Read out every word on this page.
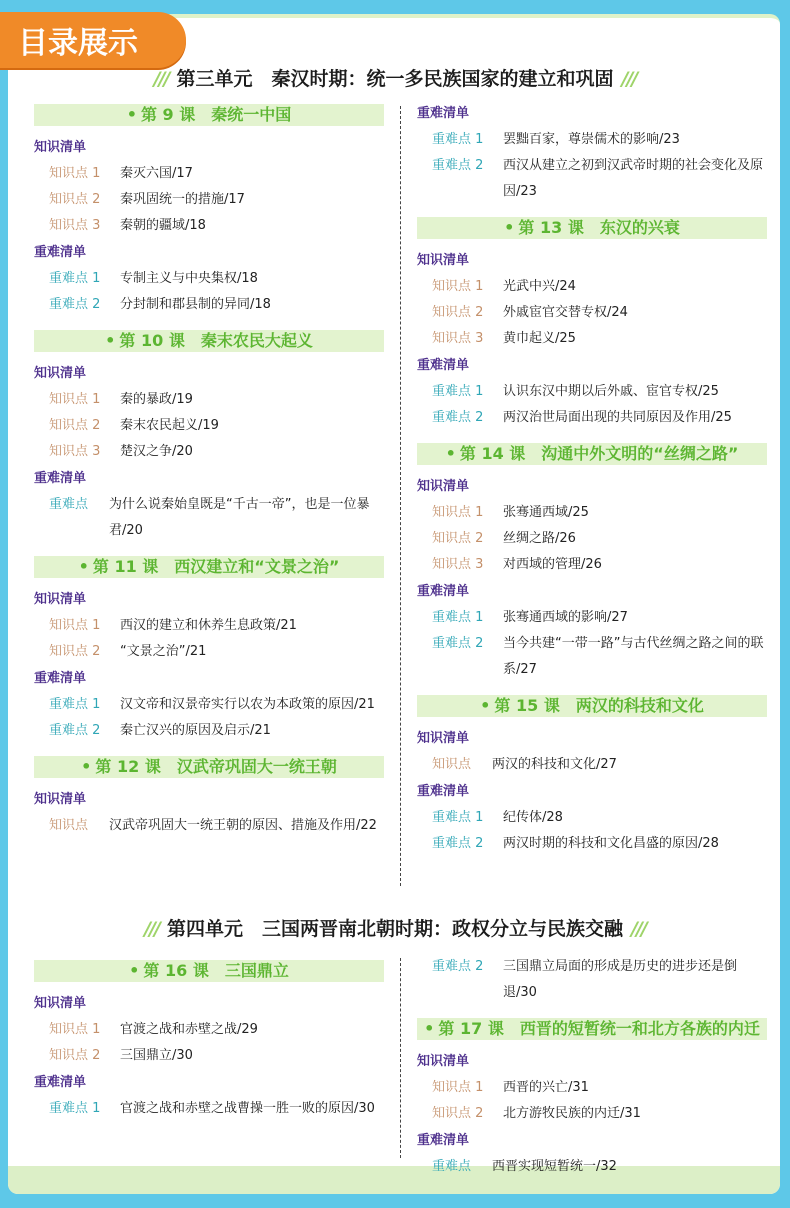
目录展示	❯❯❯	•••••
/// 第三单元　秦汉时期：统一多民族国家的建立和巩固 ///
• 第 9 课　秦统一中国
知识清单
知识点 1	秦灭六国/17
知识点 2	秦巩固统一的措施/17
知识点 3	秦朝的疆域/18
重难清单
重难点 1	专制主义与中央集权/18
重难点 2	分封制和郡县制的异同/18
• 第 10 课　秦末农民大起义
知识清单
知识点 1	秦的暴政/19
知识点 2	秦末农民起义/19
知识点 3	楚汉之争/20
重难清单
重难点	为什么说秦始皇既是“千古一帝”，也是一位暴君/20
• 第 11 课　西汉建立和“文景之治”
知识清单
知识点 1	西汉的建立和休养生息政策/21
知识点 2	“文景之治”/21
重难清单
重难点 1	汉文帝和汉景帝实行以农为本政策的原因/21
重难点 2	秦亡汉兴的原因及启示/21
• 第 12 课　汉武帝巩固大一统王朝
知识清单
知识点	汉武帝巩固大一统王朝的原因、措施及作用/22
重难清单
重难点 1	罢黜百家，尊崇儒术的影响/23
重难点 2	西汉从建立之初到汉武帝时期的社会变化及原因/23
• 第 13 课　东汉的兴衰
知识清单
知识点 1	光武中兴/24
知识点 2	外戚宦官交替专权/24
知识点 3	黄巾起义/25
重难清单
重难点 1	认识东汉中期以后外戚、宦官专权/25
重难点 2	两汉治世局面出现的共同原因及作用/25
• 第 14 课　沟通中外文明的“丝绸之路”
知识清单
知识点 1	张骞通西域/25
知识点 2	丝绸之路/26
知识点 3	对西域的管理/26
重难清单
重难点 1	张骞通西域的影响/27
重难点 2	当今共建“一带一路”与古代丝绸之路之间的联系/27
• 第 15 课　两汉的科技和文化
知识清单
知识点	两汉的科技和文化/27
重难清单
重难点 1	纪传体/28
重难点 2	两汉时期的科技和文化昌盛的原因/28
/// 第四单元　三国两晋南北朝时期：政权分立与民族交融 ///
• 第 16 课　三国鼎立
知识清单
知识点 1	官渡之战和赤壁之战/29
知识点 2	三国鼎立/30
重难清单
重难点 1	官渡之战和赤壁之战曹操一胜一败的原因/30
重难点 2	三国鼎立局面的形成是历史的进步还是倒退/30
• 第 17 课　西晋的短暂统一和北方各族的内迁
知识清单
知识点 1	西晋的兴亡/31
知识点 2	北方游牧民族的内迁/31
重难清单
重难点	西晋实现短暂统一/32
